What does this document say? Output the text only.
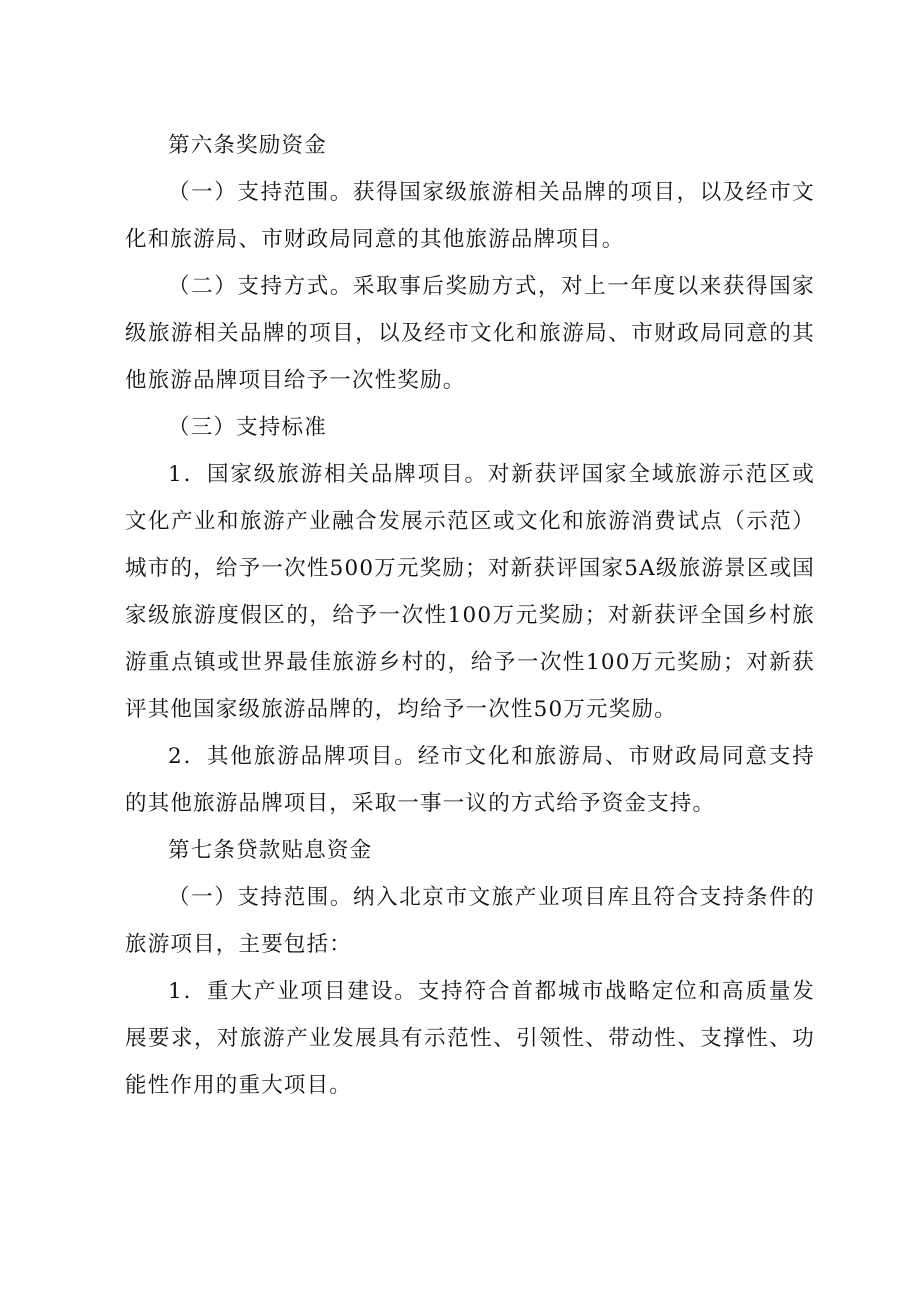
第六条奖励资金

（一）支持范围。获得国家级旅游相关品牌的项目，以及经市文化和旅游局、市财政局同意的其他旅游品牌项目。

（二）支持方式。采取事后奖励方式，对上一年度以来获得国家级旅游相关品牌的项目，以及经市文化和旅游局、市财政局同意的其他旅游品牌项目给予一次性奖励。

（三）支持标准

1．国家级旅游相关品牌项目。对新获评国家全域旅游示范区或文化产业和旅游产业融合发展示范区或文化和旅游消费试点（示范）城市的，给予一次性500万元奖励；对新获评国家5A级旅游景区或国家级旅游度假区的，给予一次性100万元奖励；对新获评全国乡村旅游重点镇或世界最佳旅游乡村的，给予一次性100万元奖励；对新获评其他国家级旅游品牌的，均给予一次性50万元奖励。

2．其他旅游品牌项目。经市文化和旅游局、市财政局同意支持的其他旅游品牌项目，采取一事一议的方式给予资金支持。

第七条贷款贴息资金

（一）支持范围。纳入北京市文旅产业项目库且符合支持条件的旅游项目，主要包括：

1．重大产业项目建设。支持符合首都城市战略定位和高质量发展要求，对旅游产业发展具有示范性、引领性、带动性、支撑性、功能性作用的重大项目。
